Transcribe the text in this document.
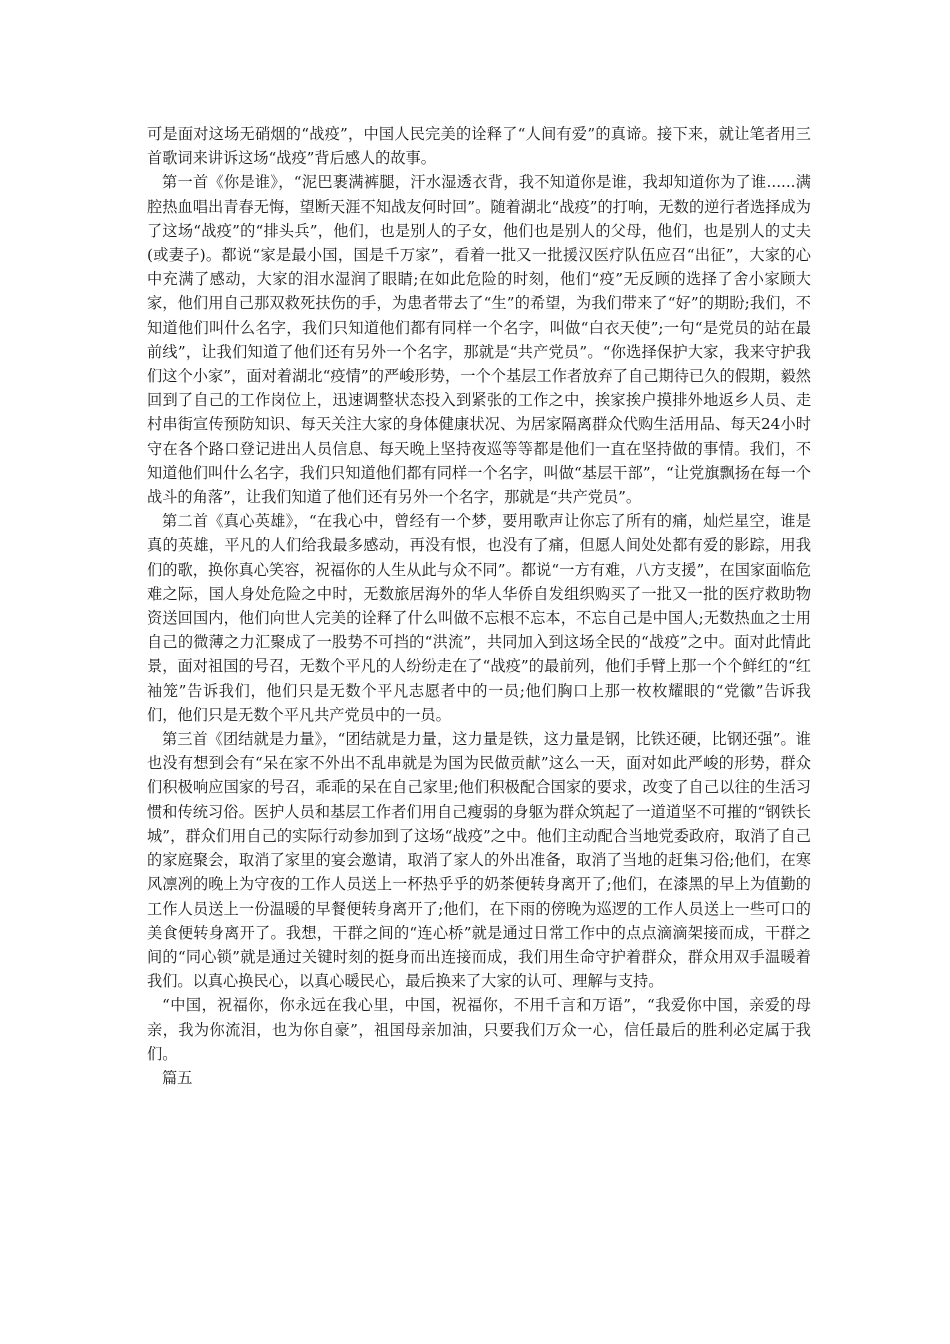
可是面对这场无硝烟的“战疫”，中国人民完美的诠释了“人间有爱”的真谛。接下来，就让笔者用三首歌词来讲诉这场“战疫”背后感人的故事。

第一首《你是谁》，“泥巴裹满裤腿，汗水湿透衣背，我不知道你是谁，我却知道你为了谁......满腔热血唱出青春无悔，望断天涯不知战友何时回”。随着湖北“战疫”的打响，无数的逆行者选择成为了这场“战疫”的“排头兵”，他们，也是别人的子女，他们也是别人的父母，他们，也是别人的丈夫(或妻子)。都说“家是最小国，国是千万家”，看着一批又一批援汉医疗队伍应召“出征”，大家的心中充满了感动，大家的泪水湿润了眼睛;在如此危险的时刻，他们“疫”无反顾的选择了舍小家顾大家，他们用自己那双救死扶伤的手，为患者带去了“生”的希望，为我们带来了“好”的期盼;我们，不知道他们叫什么名字，我们只知道他们都有同样一个名字，叫做“白衣天使”;一句“是党员的站在最前线”，让我们知道了他们还有另外一个名字，那就是“共产党员”。“你选择保护大家，我来守护我们这个小家”，面对着湖北“疫情”的严峻形势，一个个基层工作者放弃了自己期待已久的假期，毅然回到了自己的工作岗位上，迅速调整状态投入到紧张的工作之中，挨家挨户摸排外地返乡人员、走村串街宣传预防知识、每天关注大家的身体健康状况、为居家隔离群众代购生活用品、每天24小时守在各个路口登记进出人员信息、每天晚上坚持夜巡等等都是他们一直在坚持做的事情。我们，不知道他们叫什么名字，我们只知道他们都有同样一个名字，叫做“基层干部”，“让党旗飘扬在每一个战斗的角落”，让我们知道了他们还有另外一个名字，那就是“共产党员”。

第二首《真心英雄》，“在我心中，曾经有一个梦，要用歌声让你忘了所有的痛，灿烂星空，谁是真的英雄，平凡的人们给我最多感动，再没有恨，也没有了痛，但愿人间处处都有爱的影踪，用我们的歌，换你真心笑容，祝福你的人生从此与众不同”。都说“一方有难，八方支援”，在国家面临危难之际，国人身处危险之中时，无数旅居海外的华人华侨自发组织购买了一批又一批的医疗救助物资送回国内，他们向世人完美的诠释了什么叫做不忘根不忘本，不忘自己是中国人;无数热血之士用自己的微薄之力汇聚成了一股势不可挡的“洪流”，共同加入到这场全民的“战疫”之中。面对此情此景，面对祖国的号召，无数个平凡的人纷纷走在了“战疫”的最前列，他们手臂上那一个个鲜红的“红袖笼”告诉我们，他们只是无数个平凡志愿者中的一员;他们胸口上那一枚枚耀眼的“党徽”告诉我们，他们只是无数个平凡共产党员中的一员。

第三首《团结就是力量》，“团结就是力量，这力量是铁，这力量是钢，比铁还硬，比钢还强”。谁也没有想到会有“呆在家不外出不乱串就是为国为民做贡献”这么一天，面对如此严峻的形势，群众们积极响应国家的号召，乖乖的呆在自己家里;他们积极配合国家的要求，改变了自己以往的生活习惯和传统习俗。医护人员和基层工作者们用自己瘦弱的身躯为群众筑起了一道道坚不可摧的“钢铁长城”，群众们用自己的实际行动参加到了这场“战疫”之中。他们主动配合当地党委政府，取消了自己的家庭聚会，取消了家里的宴会邀请，取消了家人的外出准备，取消了当地的赶集习俗;他们，在寒风凛冽的晚上为守夜的工作人员送上一杯热乎乎的奶茶便转身离开了;他们，在漆黑的早上为值勤的工作人员送上一份温暖的早餐便转身离开了;他们，在下雨的傍晚为巡逻的工作人员送上一些可口的美食便转身离开了。我想，干群之间的“连心桥”就是通过日常工作中的点点滴滴架接而成，干群之间的“同心锁”就是通过关键时刻的挺身而出连接而成，我们用生命守护着群众，群众用双手温暖着我们。以真心换民心，以真心暖民心，最后换来了大家的认可、理解与支持。

“中国，祝福你，你永远在我心里，中国，祝福你，不用千言和万语”，“我爱你中国，亲爱的母亲，我为你流泪，也为你自豪”，祖国母亲加油，只要我们万众一心，信任最后的胜利必定属于我们。

篇五
